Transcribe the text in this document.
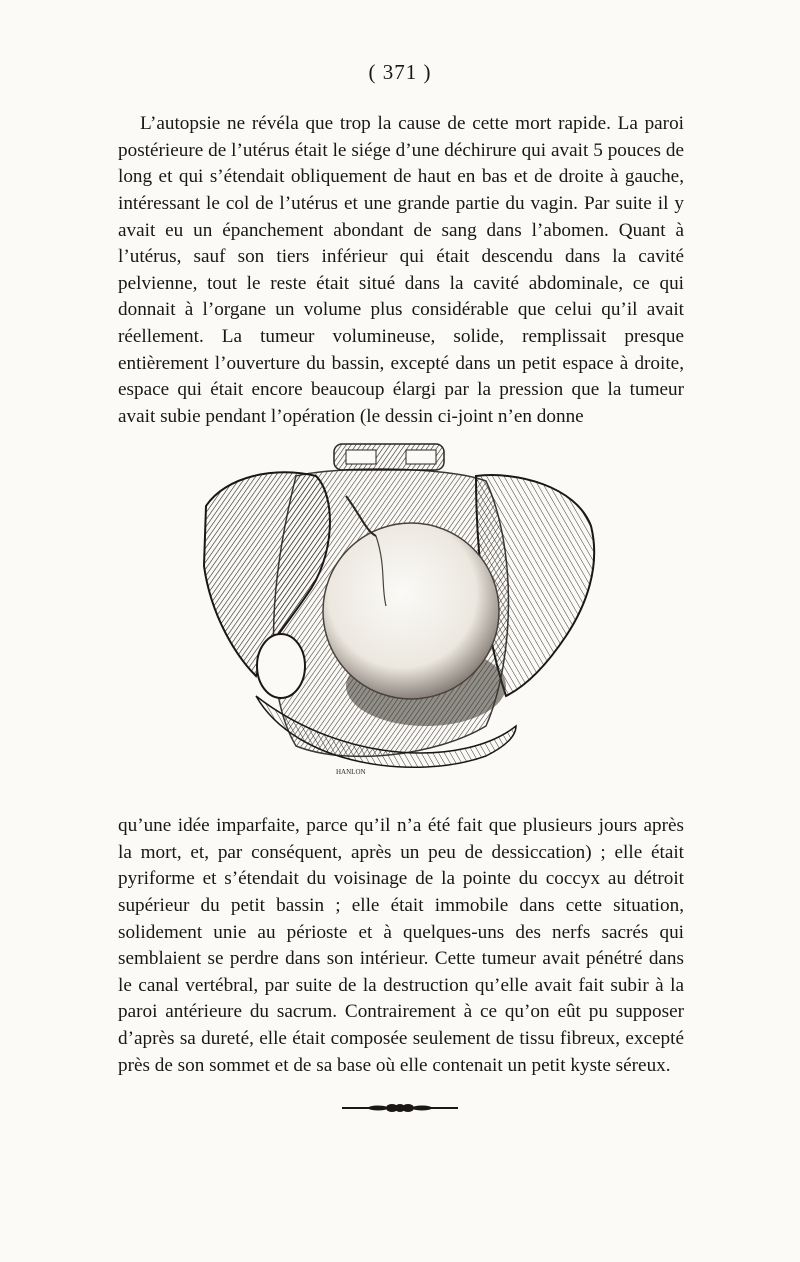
( 371 )

L’autopsie ne révéla que trop la cause de cette mort rapide. La paroi postérieure de l’utérus était le siége d’une déchirure qui avait 5 pouces de long et qui s’étendait obliquement de haut en bas et de droite à gauche, intéressant le col de l’utérus et une grande partie du vagin. Par suite il y avait eu un épanchement abondant de sang dans l’abomen. Quant à l’utérus, sauf son tiers inférieur qui était descendu dans la cavité pelvienne, tout le reste était situé dans la cavité abdominale, ce qui donnait à l’organe un volume plus considérable que celui qu’il avait réellement. La tumeur volumineuse, solide, remplissait presque entièrement l’ouverture du bassin, excepté dans un petit espace à droite, espace qui était encore beaucoup élargi par la pression que la tumeur avait subie pendant l’opération (le dessin ci-joint n’en donne

HANLON

qu’une idée imparfaite, parce qu’il n’a été fait que plusieurs jours après la mort, et, par conséquent, après un peu de dessiccation) ; elle était pyriforme et s’étendait du voisinage de la pointe du coccyx au détroit supérieur du petit bassin ; elle était immobile dans cette situation, solidement unie au périoste et à quelques-uns des nerfs sacrés qui semblaient se perdre dans son intérieur. Cette tumeur avait pénétré dans le canal vertébral, par suite de la destruction qu’elle avait fait subir à la paroi antérieure du sacrum. Contrairement à ce qu’on eût pu supposer d’après sa dureté, elle était composée seulement de tissu fibreux, excepté près de son sommet et de sa base où elle contenait un petit kyste séreux.
